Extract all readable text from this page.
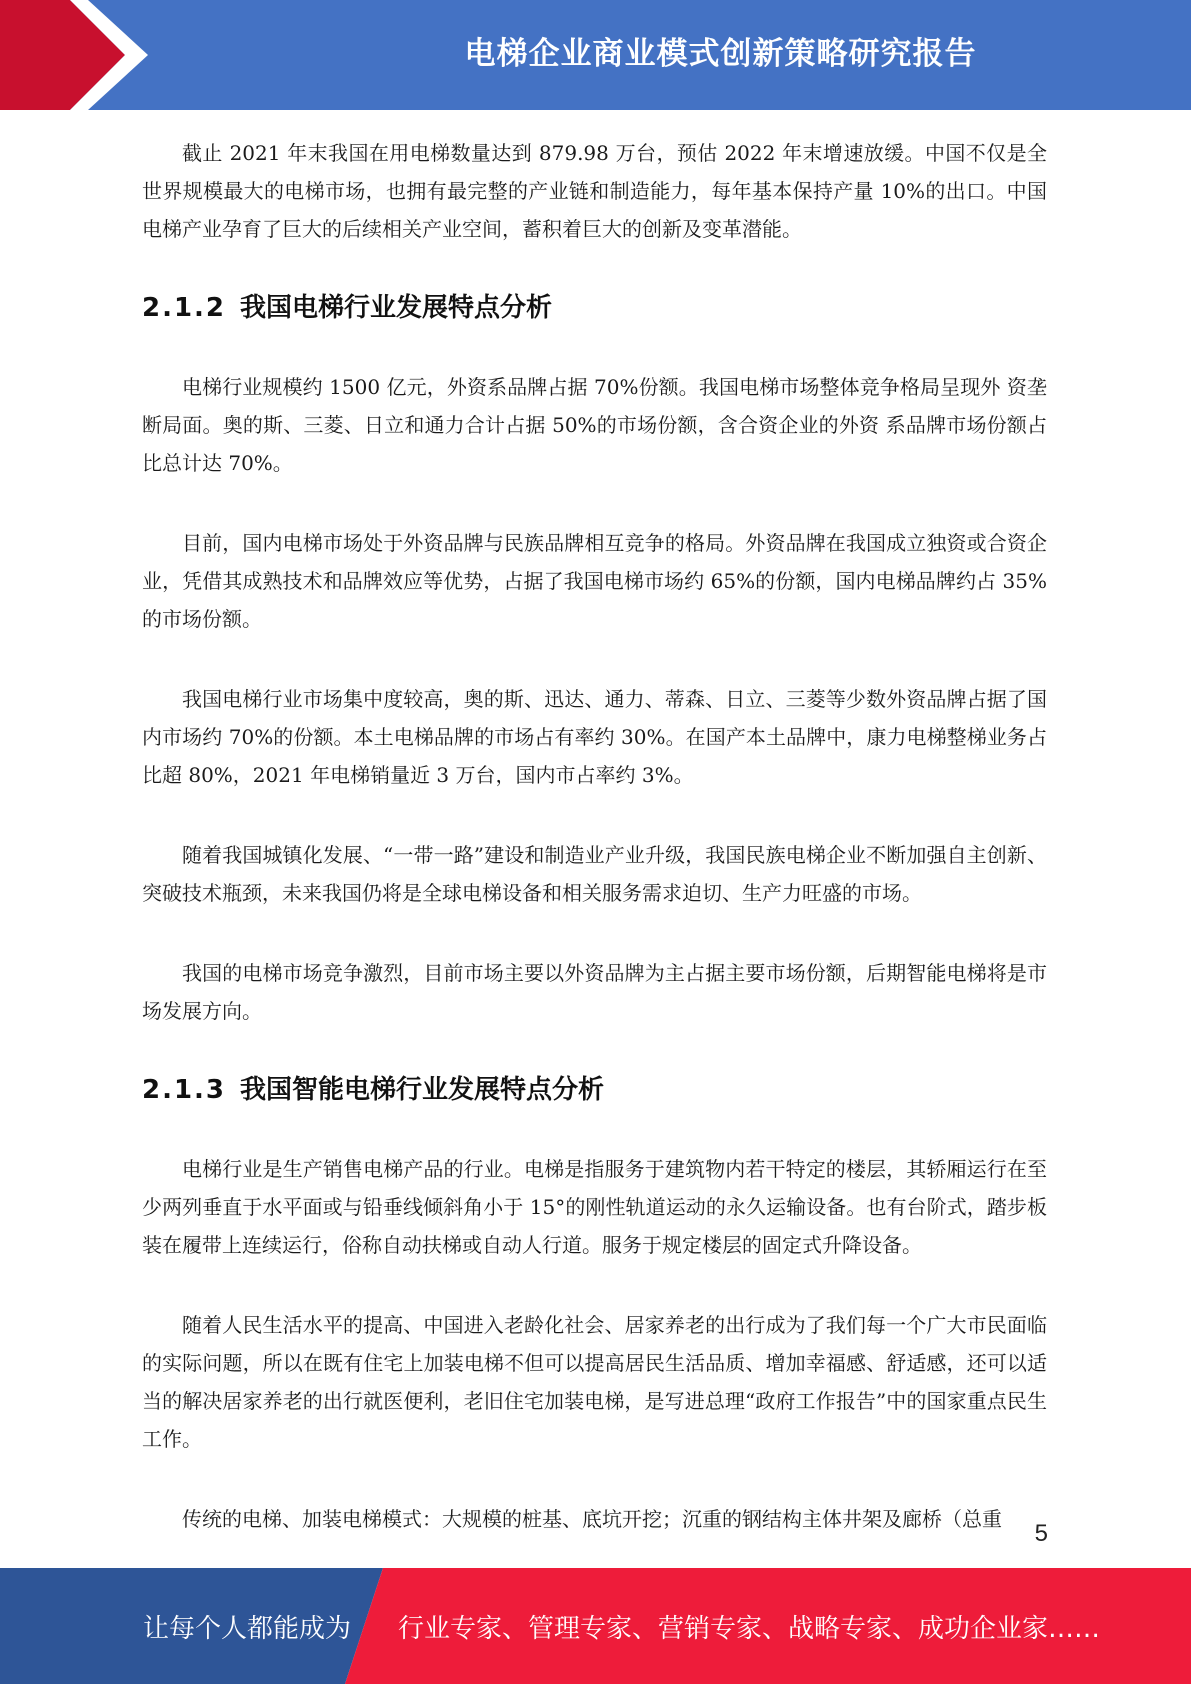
电梯企业商业模式创新策略研究报告

截止 2021 年末我国在用电梯数量达到 879.98 万台，预估 2022 年末增速放缓。中国不仅是全世界规模最大的电梯市场，也拥有最完整的产业链和制造能力，每年基本保持产量 10%的出口。中国电梯产业孕育了巨大的后续相关产业空间，蓄积着巨大的创新及变革潜能。

2.1.2 我国电梯行业发展特点分析

电梯行业规模约 1500 亿元，外资系品牌占据 70%份额。我国电梯市场整体竞争格局呈现外 资垄断局面。奥的斯、三菱、日立和通力合计占据 50%的市场份额，含合资企业的外资 系品牌市场份额占比总计达 70%。

目前，国内电梯市场处于外资品牌与民族品牌相互竞争的格局。外资品牌在我国成立独资或合资企业，凭借其成熟技术和品牌效应等优势，占据了我国电梯市场约 65%的份额，国内电梯品牌约占 35%的市场份额。

我国电梯行业市场集中度较高，奥的斯、迅达、通力、蒂森、日立、三菱等少数外资品牌占据了国内市场约 70%的份额。本土电梯品牌的市场占有率约 30%。在国产本土品牌中，康力电梯整梯业务占比超 80%，2021 年电梯销量近 3 万台，国内市占率约 3%。

随着我国城镇化发展、“一带一路”建设和制造业产业升级，我国民族电梯企业不断加强自主创新、突破技术瓶颈，未来我国仍将是全球电梯设备和相关服务需求迫切、生产力旺盛的市场。

我国的电梯市场竞争激烈，目前市场主要以外资品牌为主占据主要市场份额，后期智能电梯将是市场发展方向。

2.1.3 我国智能电梯行业发展特点分析

电梯行业是生产销售电梯产品的行业。电梯是指服务于建筑物内若干特定的楼层，其轿厢运行在至少两列垂直于水平面或与铅垂线倾斜角小于 15°的刚性轨道运动的永久运输设备。也有台阶式，踏步板装在履带上连续运行，俗称自动扶梯或自动人行道。服务于规定楼层的固定式升降设备。

随着人民生活水平的提高、中国进入老龄化社会、居家养老的出行成为了我们每一个广大市民面临的实际问题，所以在既有住宅上加装电梯不但可以提高居民生活品质、增加幸福感、舒适感，还可以适当的解决居家养老的出行就医便利，老旧住宅加装电梯，是写进总理“政府工作报告”中的国家重点民生工作。

传统的电梯、加装电梯模式：大规模的桩基、底坑开挖；沉重的钢结构主体井架及廊桥（总重

5
让每个人都能成为 行业专家、管理专家、营销专家、战略专家、成功企业家……
